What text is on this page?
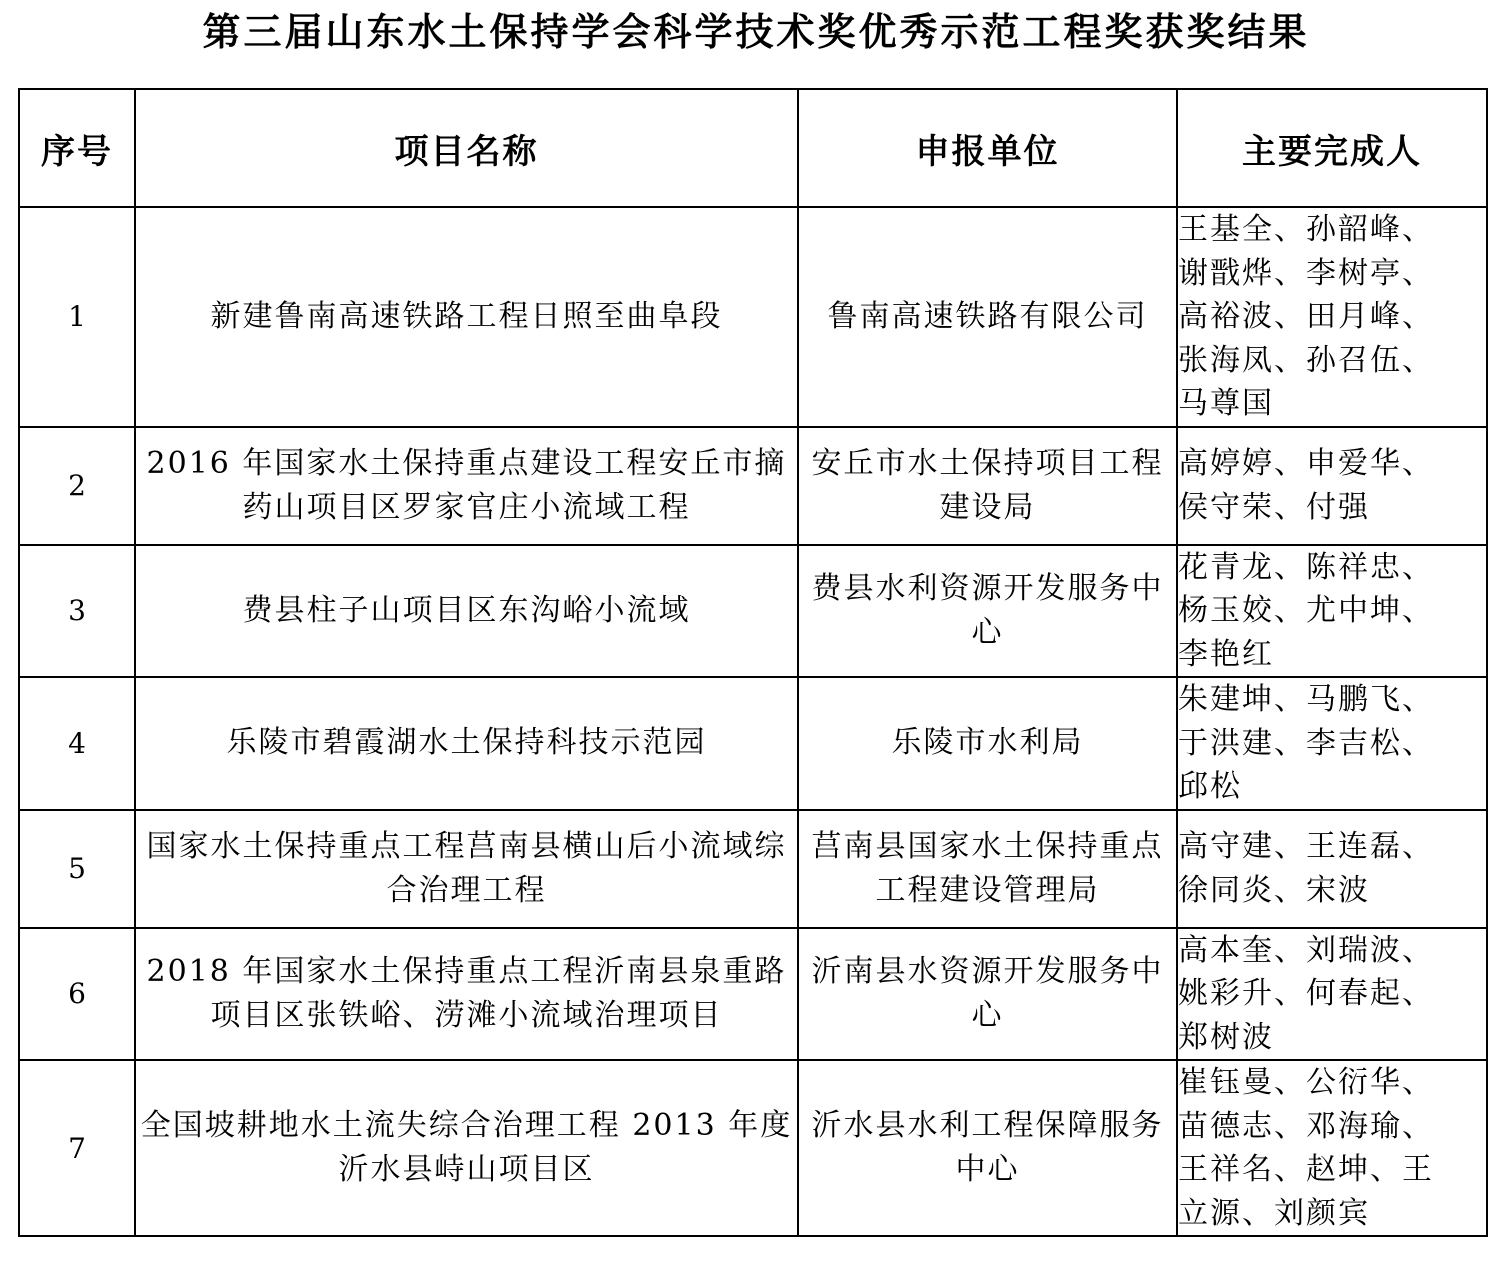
第三届山东水土保持学会科学技术奖优秀示范工程奖获奖结果
序号	项目名称	申报单位	主要完成人
1	新建鲁南高速铁路工程日照至曲阜段	鲁南高速铁路有限公司	王基全、孙韶峰、
谢戬烨、李树亭、
高裕波、田月峰、
张海凤、孙召伍、
马尊国

2	2016 年国家水土保持重点建设工程安丘市摘药山项目区罗家官庄小流域工程	安丘市水土保持项目工程建设局	高婷婷、申爱华、
侯守荣、付强

3	费县柱子山项目区东沟峪小流域	费县水利资源开发服务中心	花青龙、陈祥忠、
杨玉姣、尤中坤、
李艳红

4	乐陵市碧霞湖水土保持科技示范园	乐陵市水利局	朱建坤、马鹏飞、
于洪建、李吉松、
邱松

5	国家水土保持重点工程莒南县横山后小流域综合治理工程	莒南县国家水土保持重点工程建设管理局	高守建、王连磊、
徐同炎、宋波

6	2018 年国家水土保持重点工程沂南县泉重路项目区张铁峪、涝滩小流域治理项目	沂南县水资源开发服务中心	高本奎、刘瑞波、
姚彩升、何春起、
郑树波

7	全国坡耕地水土流失综合治理工程 2013 年度沂水县峙山项目区	沂水县水利工程保障服务中心	崔钰曼、公衍华、
苗德志、邓海瑜、
王祥名、赵坤、王
立源、刘颜宾
